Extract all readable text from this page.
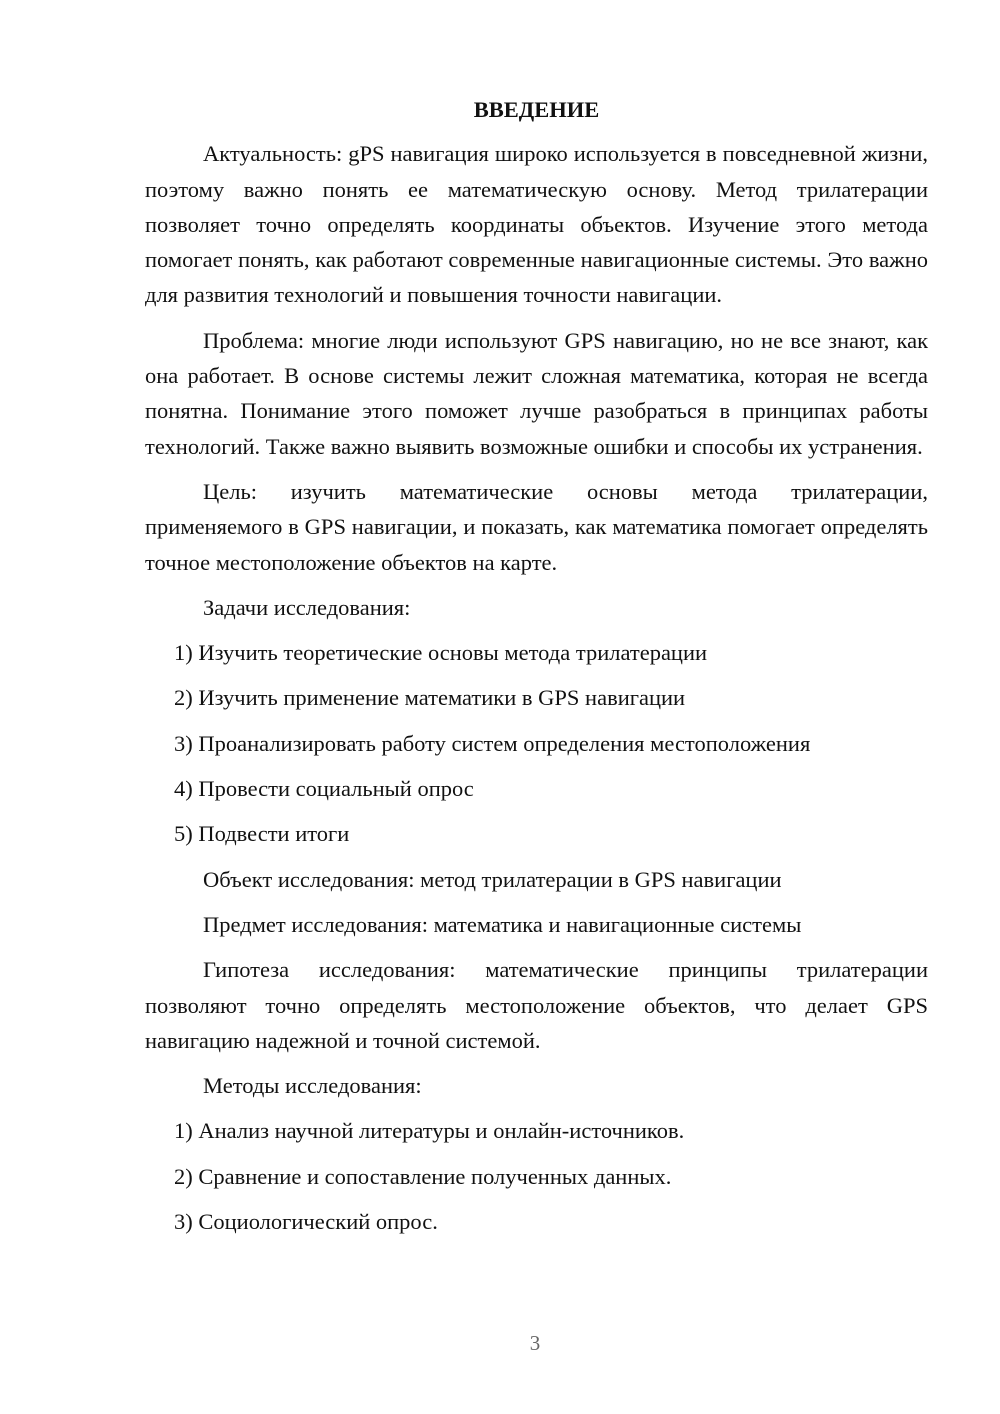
ВВЕДЕНИЕ

Актуальность: gPS навигация широко используется в повседневной жизни, поэтому важно понять ее математическую основу. Метод трилатерации позволяет точно определять координаты объектов. Изучение этого метода помогает понять, как работают современные навигационные системы. Это важно для развития технологий и повышения точности навигации.

Проблема: многие люди используют GPS навигацию, но не все знают, как она работает. В основе системы лежит сложная математика, которая не всегда понятна. Понимание этого поможет лучше разобраться в принципах работы технологий. Также важно выявить возможные ошибки и способы их устранения.

Цель: изучить математические основы метода трилатерации, применяемого в GPS навигации, и показать, как математика помогает определять точное местоположение объектов на карте.

Задачи исследования:
1) Изучить теоретические основы метода трилатерации
2) Изучить применение математики в GPS навигации
3) Проанализировать работу систем определения местоположения
4) Провести социальный опрос
5) Подвести итоги
Объект исследования: метод трилатерации в GPS навигации
Предмет исследования: математика и навигационные системы

Гипотеза исследования: математические принципы трилатерации позволяют точно определять местоположение объектов, что делает GPS навигацию надежной и точной системой.

Методы исследования:
1) Анализ научной литературы и онлайн-источников.
2) Сравнение и сопоставление полученных данных.
3) Социологический опрос.
3
